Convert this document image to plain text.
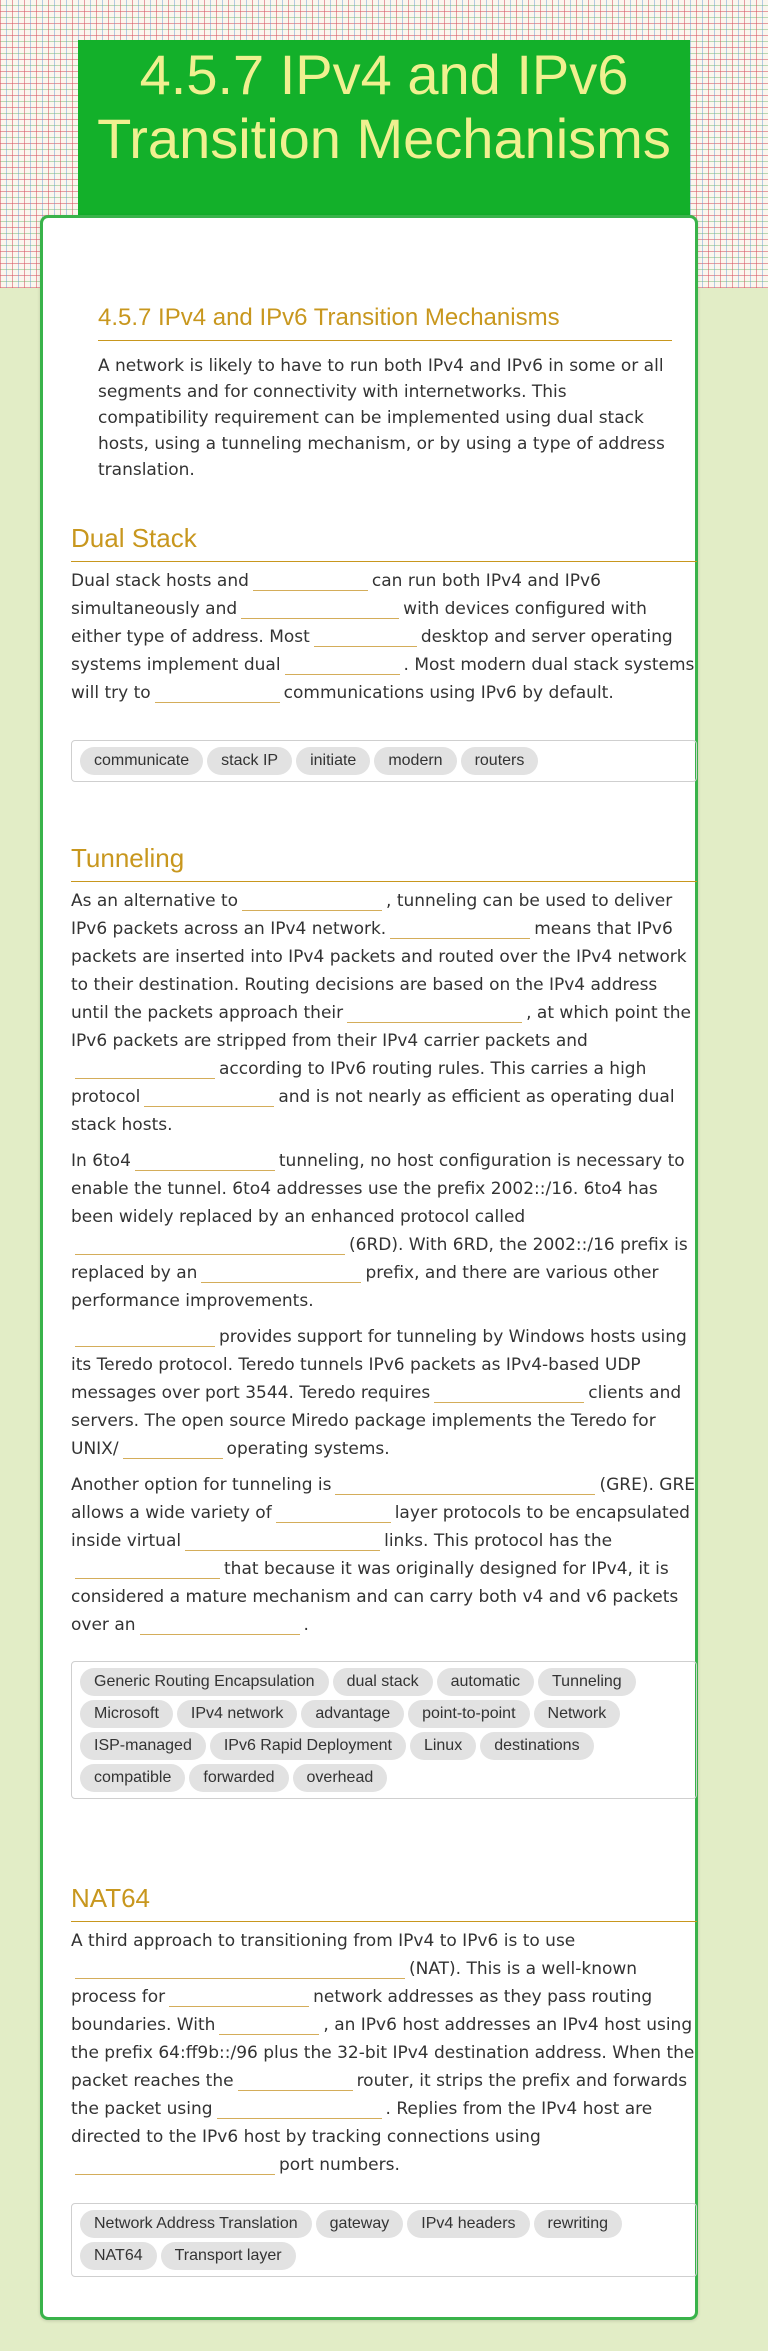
4.5.7 IPv4 and IPv6 Transition Mechanisms
4.5.7 IPv4 and IPv6 Transition Mechanisms

A network is likely to have to run both IPv4 and IPv6 in some or all segments and for connectivity with internetworks. This compatibility requirement can be implemented using dual stack hosts, using a tunneling mechanism, or by using a type of address translation.

Dual Stack

Dual stack hosts and	can run both IPv4 and IPv6 simultaneously and	with devices configured with either type of address. Most	desktop and server operating systems implement dual	. Most modern dual stack systems will try to	communications using IPv6 by default.

communicate stack IP initiate modern routers
Tunneling

As an alternative to	, tunneling can be used to deliver IPv6 packets across an IPv4 network.	means that IPv6 packets are inserted into IPv4 packets and routed over the IPv4 network to their destination. Routing decisions are based on the IPv4 address until the packets approach their	, at which point the IPv6 packets are stripped from their IPv4 carrier packets andaccording to IPv6 routing rules. This carries a high protocol	and is not nearly as efficient as operating dual stack hosts.

In 6to4	tunneling, no host configuration is necessary to enable the tunnel. 6to4 addresses use the prefix 2002::/16. 6to4 has been widely replaced by an enhanced protocol called(6RD). With 6RD, the 2002::/16 prefix is replaced by an	prefix, and there are various other performance improvements.

provides support for tunneling by Windows hosts using its Teredo protocol. Teredo tunnels IPv6 packets as IPv4-based UDP messages over port 3544. Teredo requires	clients and servers. The open source Miredo package implements the Teredo for UNIX/	operating systems.

Another option for tunneling is	(GRE). GRE allows a wide variety of	layer protocols to be encapsulated inside virtual	links. This protocol has thethat because it was originally designed for IPv4, it is considered a mature mechanism and can carry both v4 and v6 packets over an	.

Generic Routing Encapsulation dual stack automatic TunnelingMicrosoft IPv4 network advantage point-to-point NetworkISP-managed IPv6 Rapid Deployment Linux destinationscompatible forwarded overhead
NAT64

A third approach to transitioning from IPv4 to IPv6 is to use(NAT). This is a well-known process for	network addresses as they pass routing boundaries. With	, an IPv6 host addresses an IPv4 host using the prefix 64:ff9b::/96 plus the 32-bit IPv4 destination address. When the packet reaches the	router, it strips the prefix and forwards the packet using	. Replies from the IPv4 host are directed to the IPv6 host by tracking connections usingport numbers.

Network Address Translation gateway IPv4 headers rewritingNAT64 Transport layer
